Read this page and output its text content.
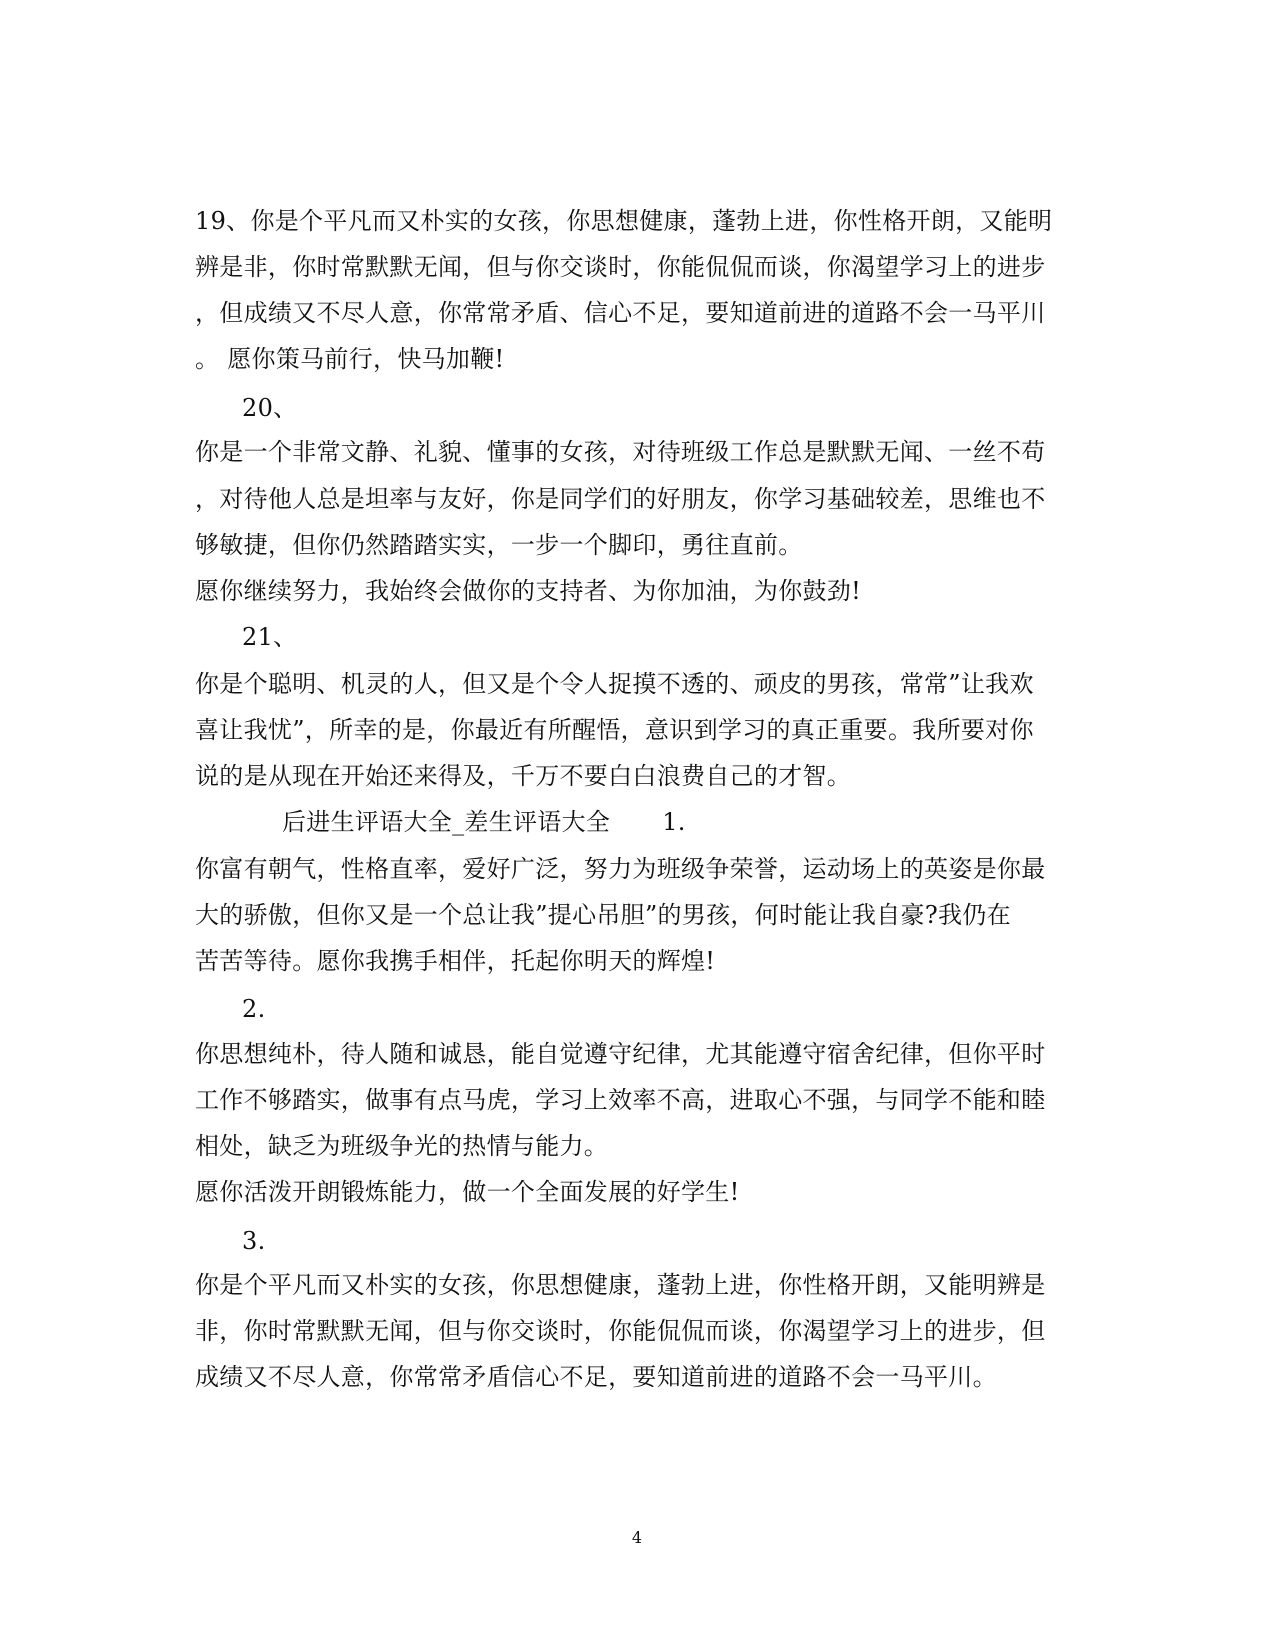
19、你是个平凡而又朴实的女孩，你思想健康，蓬勃上进，你性格开朗，又能明
辨是非，你时常默默无闻，但与你交谈时，你能侃侃而谈，你渴望学习上的进步
，但成绩又不尽人意，你常常矛盾、信心不足，要知道前进的道路不会一马平川
。 愿你策马前行，快马加鞭!
20、
你是一个非常文静、礼貌、懂事的女孩，对待班级工作总是默默无闻、一丝不苟
，对待他人总是坦率与友好，你是同学们的好朋友，你学习基础较差，思维也不
够敏捷，但你仍然踏踏实实，一步一个脚印，勇往直前。
愿你继续努力，我始终会做你的支持者、为你加油，为你鼓劲!
21、
你是个聪明、机灵的人，但又是个令人捉摸不透的、顽皮的男孩，常常”让我欢
喜让我忧”，所幸的是，你最近有所醒悟，意识到学习的真正重要。我所要对你
说的是从现在开始还来得及，千万不要白白浪费自己的才智。
后进生评语大全_差生评语大全 1.
你富有朝气，性格直率，爱好广泛，努力为班级争荣誉，运动场上的英姿是你最
大的骄傲，但你又是一个总让我”提心吊胆”的男孩，何时能让我自豪?我仍在
苦苦等待。愿你我携手相伴，托起你明天的辉煌!
2.
你思想纯朴，待人随和诚恳，能自觉遵守纪律，尤其能遵守宿舍纪律，但你平时
工作不够踏实，做事有点马虎，学习上效率不高，进取心不强，与同学不能和睦
相处，缺乏为班级争光的热情与能力。
愿你活泼开朗锻炼能力，做一个全面发展的好学生!
3.
你是个平凡而又朴实的女孩，你思想健康，蓬勃上进，你性格开朗，又能明辨是
非，你时常默默无闻，但与你交谈时，你能侃侃而谈，你渴望学习上的进步，但
成绩又不尽人意，你常常矛盾信心不足，要知道前进的道路不会一马平川。
4
